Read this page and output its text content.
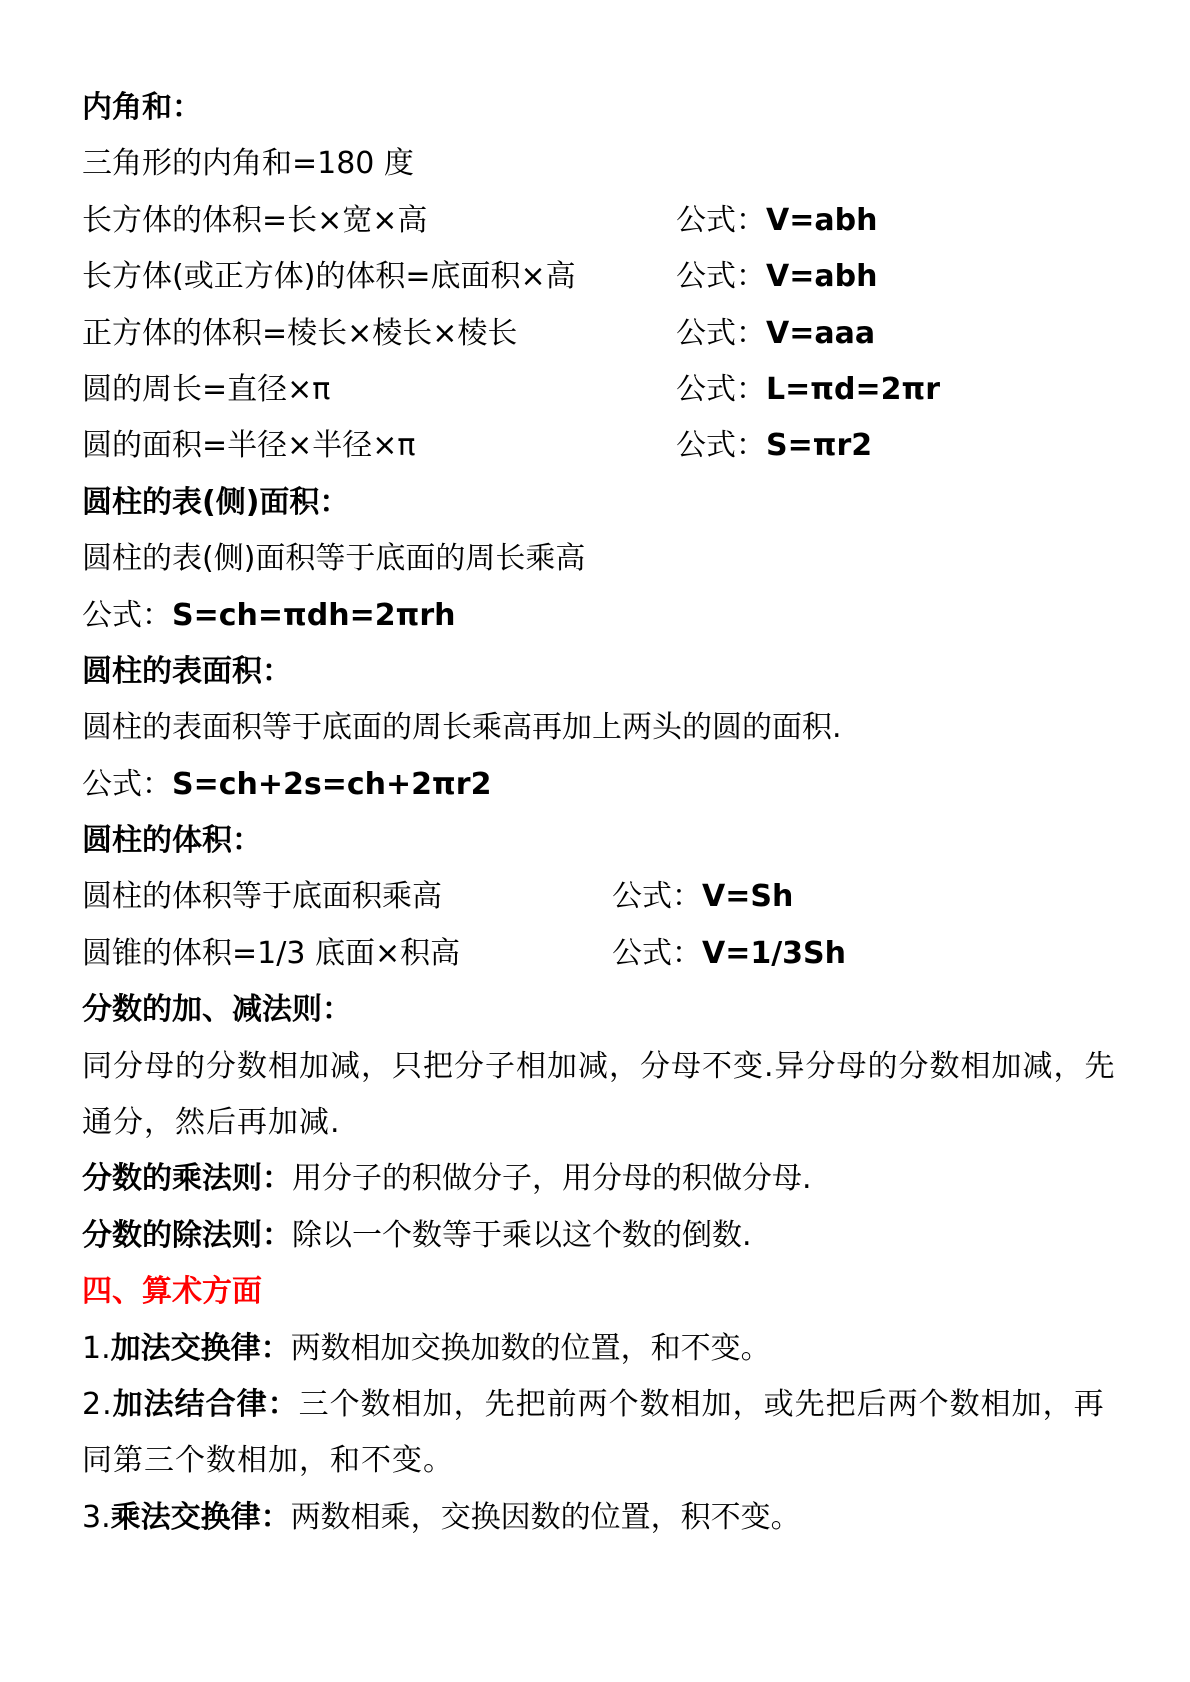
内角和：
三角形的内角和=180 度
长方体的体积=长×宽×高	公式：V=abh
长方体(或正方体)的体积=底面积×高	公式：V=abh
正方体的体积=棱长×棱长×棱长	公式：V=aaa
圆的周长=直径×π	公式：L=πd=2πr
圆的面积=半径×半径×π	公式：S=πr2
圆柱的表(侧)面积：
圆柱的表(侧)面积等于底面的周长乘高
公式：S=ch=πdh=2πrh
圆柱的表面积：
圆柱的表面积等于底面的周长乘高再加上两头的圆的面积.
公式：S=ch+2s=ch+2πr2
圆柱的体积：
圆柱的体积等于底面积乘高	公式：V=Sh
圆锥的体积=1/3 底面×积高	公式：V=1/3Sh
分数的加、减法则：
同分母的分数相加减，只把分子相加减，分母不变.异分母的分数相加减，先通分，然后再加减.
分数的乘法则：用分子的积做分子，用分母的积做分母.
分数的除法则：除以一个数等于乘以这个数的倒数.
四、算术方面
1.加法交换律：两数相加交换加数的位置，和不变。
2.加法结合律：三个数相加，先把前两个数相加，或先把后两个数相加，再同第三个数相加，和不变。
3.乘法交换律：两数相乘，交换因数的位置，积不变。
